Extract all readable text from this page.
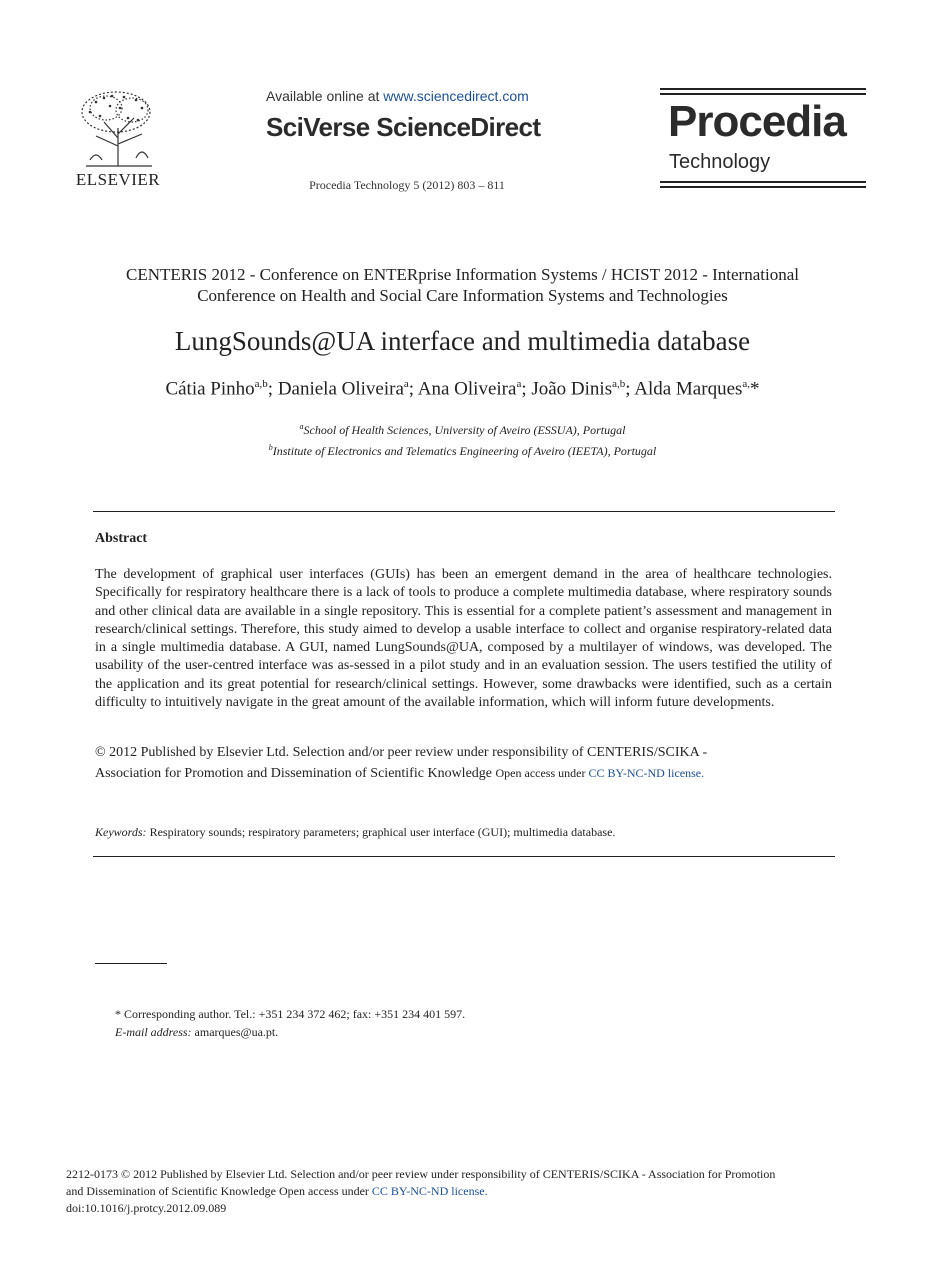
ELSEVIER
Available online at www.sciencedirect.com
SciVerse ScienceDirect
Procedia Technology 5 (2012) 803 – 811
Procedia
Technology
CENTERIS 2012 - Conference on ENTERprise Information Systems / HCIST 2012 - International
Conference on Health and Social Care Information Systems and Technologies
LungSounds@UA interface and multimedia database
Cátia Pinho$^{a,b}$; Daniela Oliveira$^a$; Ana Oliveira$^a$; João Dinis$^{a,b}$; Alda Marques$^{a,}$*
$^a$School of Health Sciences, University of Aveiro (ESSUA), Portugal
$^b$Institute of Electronics and Telematics Engineering of Aveiro (IEETA), Portugal
Abstract
The development of graphical user interfaces (GUIs) has been an emergent demand in the area of healthcare technologies. Specifically for respiratory healthcare there is a lack of tools to produce a complete multimedia database, where respiratory sounds and other clinical data are available in a single repository. This is essential for a complete patient’s assessment and management in research/clinical settings. Therefore, this study aimed to develop a usable interface to collect and organise respiratory-related data in a single multimedia database. A GUI, named LungSounds@UA, composed by a multilayer of windows, was developed. The usability of the user-centred interface was as-sessed in a pilot study and in an evaluation session. The users testified the utility of the application and its great potential for research/clinical settings. However, some drawbacks were identified, such as a certain difficulty to intuitively navigate in the great amount of the available information, which will inform future developments.
© 2012 Published by Elsevier Ltd. Selection and/or peer review under responsibility of CENTERIS/SCIKA -
Association for Promotion and Dissemination of Scientific Knowledge Open access under CC BY-NC-ND license.
Keywords: Respiratory sounds; respiratory parameters; graphical user interface (GUI); multimedia database.
* Corresponding author. Tel.: +351 234 372 462; fax: +351 234 401 597.
E-mail address: amarques@ua.pt.
2212-0173 © 2012 Published by Elsevier Ltd. Selection and/or peer review under responsibility of CENTERIS/SCIKA - Association for Promotion
and Dissemination of Scientific Knowledge Open access under CC BY-NC-ND license.
doi:10.1016/j.protcy.2012.09.089
